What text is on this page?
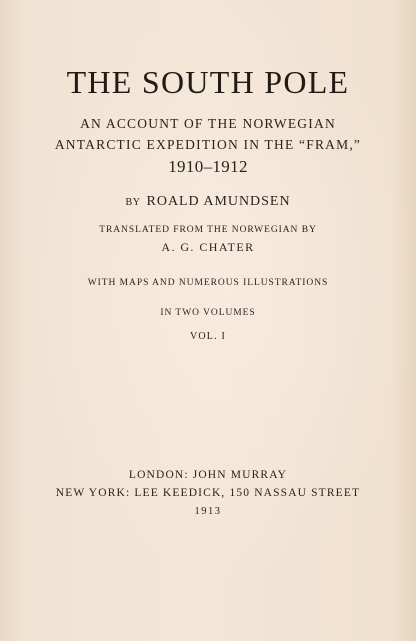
THE SOUTH POLE
AN ACCOUNT OF THE NORWEGIAN
ANTARCTIC EXPEDITION IN THE “FRAM,”
1910–1912
BY ROALD AMUNDSEN
TRANSLATED FROM THE NORWEGIAN BY
A. G. CHATER
WITH MAPS AND NUMEROUS ILLUSTRATIONS
IN TWO VOLUMES
VOL. I
LONDON: JOHN MURRAY
NEW YORK: LEE KEEDICK, 150 NASSAU STREET
1913
